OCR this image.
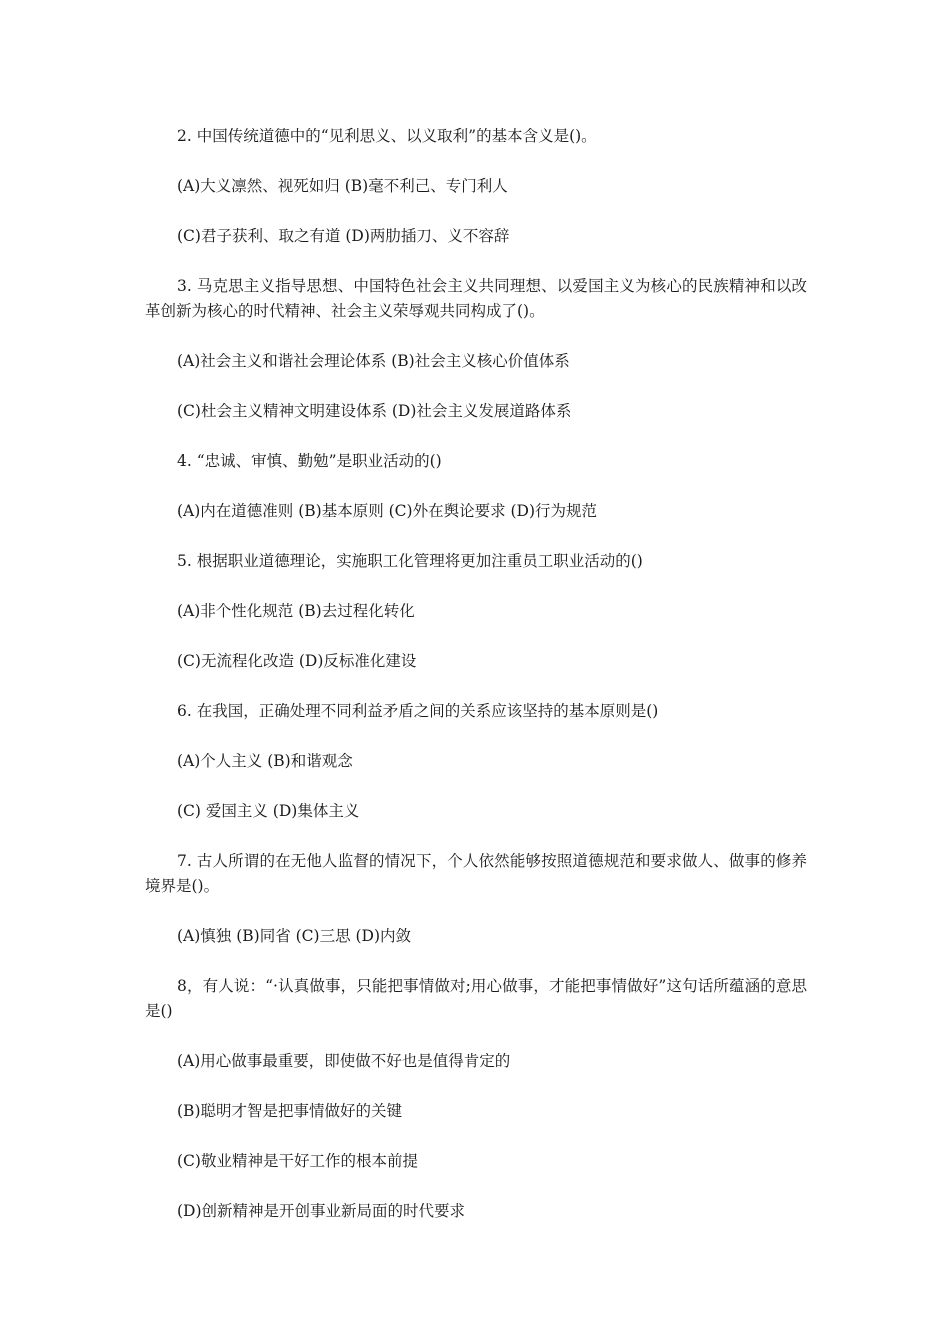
2. 中国传统道德中的“见利思义、以义取利”的基本含义是()。

(A)大义凛然、视死如归 (B)毫不利己、专门利人

(C)君子获利、取之有道 (D)两肋插刀、义不容辞

3. 马克思主义指导思想、中国特色社会主义共同理想、以爱国主义为核心的民族精神和以改革创新为核心的时代精神、社会主义荣辱观共同构成了()。

(A)社会主义和谐社会理论体系 (B)社会主义核心价值体系

(C)杜会主义精神文明建设体系 (D)社会主义发展道路体系

4. “忠诚、审慎、勤勉”是职业活动的()

(A)内在道德准则 (B)基本原则 (C)外在舆论要求 (D)行为规范

5. 根据职业道德理论，实施职工化管理将更加注重员工职业活动的()

(A)非个性化规范 (B)去过程化转化

(C)无流程化改造 (D)反标准化建设

6. 在我国，正确处理不同利益矛盾之间的关系应该坚持的基本原则是()

(A)个人主义 (B)和谐观念

(C) 爱国主义 (D)集体主义

7. 古人所谓的在无他人监督的情况下，个人依然能够按照道德规范和要求做人、做事的修养境界是()。

(A)慎独 (B)同省 (C)三思 (D)内敛

8，有人说：“·认真做事，只能把事情做对;用心做事，才能把事情做好”这句话所蕴涵的意思是()

(A)用心做事最重要，即使做不好也是值得肯定的

(B)聪明才智是把事情做好的关键

(C)敬业精神是干好工作的根本前提

(D)创新精神是开创事业新局面的时代要求
